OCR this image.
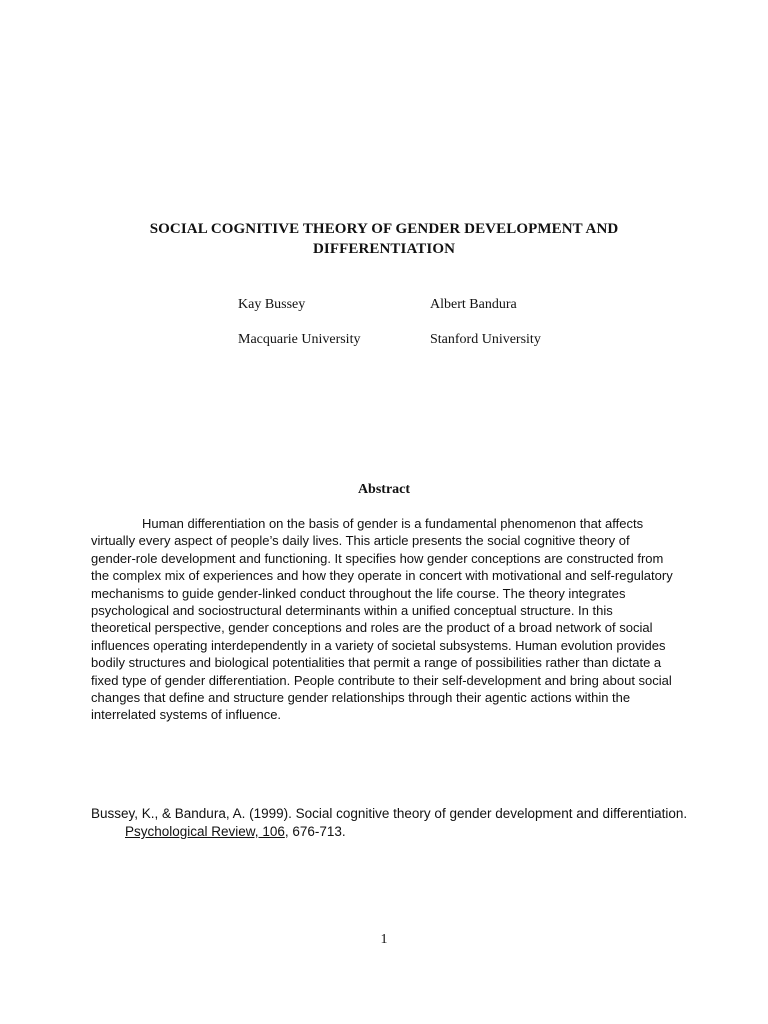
SOCIAL COGNITIVE THEORY OF GENDER DEVELOPMENT AND DIFFERENTIATION
Kay Bussey	Albert Bandura
Macquarie University	Stanford University
Abstract

Human differentiation on the basis of gender is a fundamental phenomenon that affects virtually every aspect of people’s daily lives. This article presents the social cognitive theory of gender-role development and functioning. It specifies how gender conceptions are constructed from the complex mix of experiences and how they operate in concert with motivational and self-regulatory mechanisms to guide gender-linked conduct throughout the life course. The theory integrates psychological and sociostructural determinants within a unified conceptual structure. In this theoretical perspective, gender conceptions and roles are the product of a broad network of social influences operating interdependently in a variety of societal subsystems. Human evolution provides bodily structures and biological potentialities that permit a range of possibilities rather than dictate a fixed type of gender differentiation. People contribute to their self-development and bring about social changes that define and structure gender relationships through their agentic actions within the interrelated systems of influence.

Bussey, K., & Bandura, A. (1999). Social cognitive theory of gender development and differentiation. Psychological Review, 106, 676-713.

1
